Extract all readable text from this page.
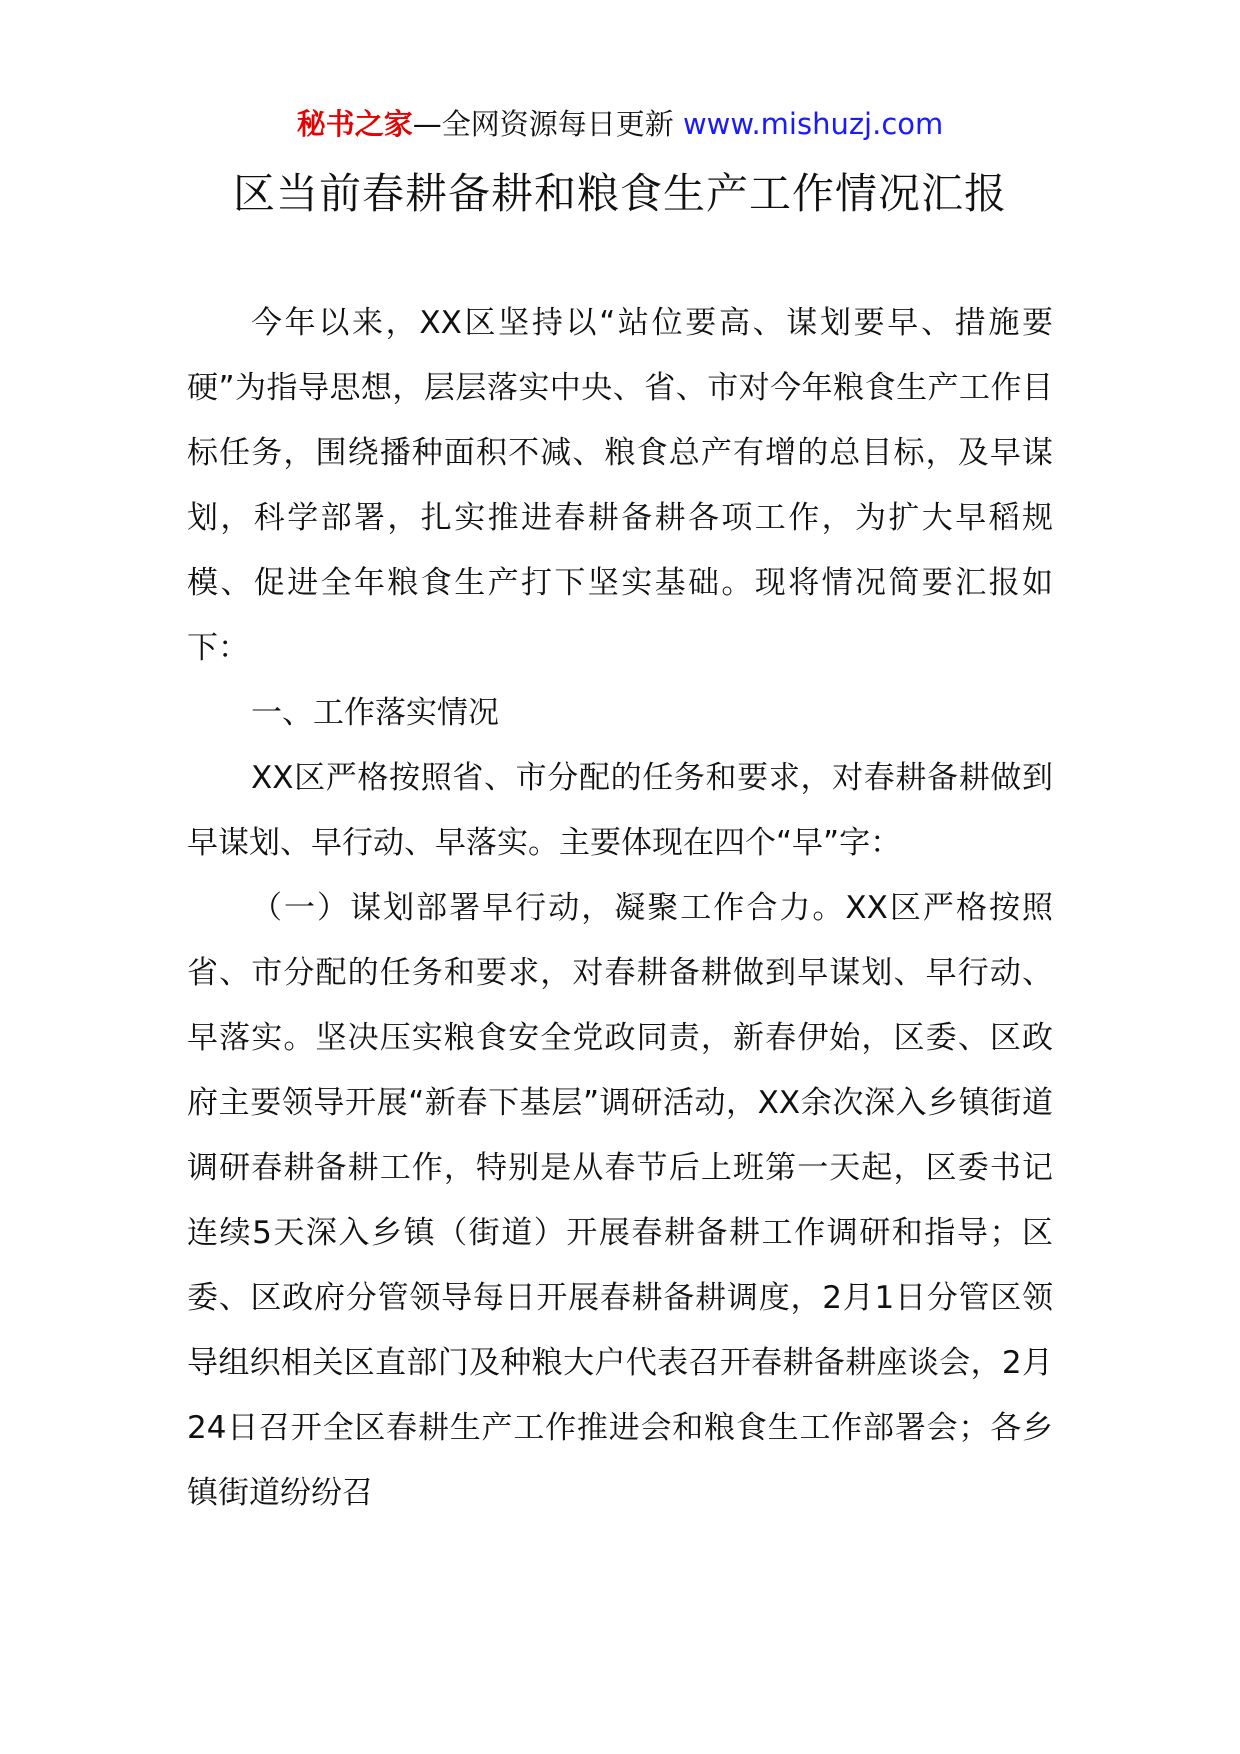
秘书之家—全网资源每日更新 www.mishuzj.com
区当前春耕备耕和粮食生产工作情况汇报

今年以来，XX区坚持以“站位要高、谋划要早、措施要硬”为指导思想，层层落实中央、省、市对今年粮食生产工作目标任务，围绕播种面积不减、粮食总产有增的总目标，及早谋划，科学部署，扎实推进春耕备耕各项工作，为扩大早稻规模、促进全年粮食生产打下坚实基础。现将情况简要汇报如下：

一、工作落实情况

XX区严格按照省、市分配的任务和要求，对春耕备耕做到早谋划、早行动、早落实。主要体现在四个“早”字：

（一）谋划部署早行动，凝聚工作合力。XX区严格按照省、市分配的任务和要求，对春耕备耕做到早谋划、早行动、早落实。坚决压实粮食安全党政同责，新春伊始，区委、区政府主要领导开展“新春下基层”调研活动，XX余次深入乡镇街道调研春耕备耕工作，特别是从春节后上班第一天起，区委书记连续5天深入乡镇（街道）开展春耕备耕工作调研和指导；区委、区政府分管领导每日开展春耕备耕调度，2月1日分管区领导组织相关区直部门及种粮大户代表召开春耕备耕座谈会，2月24日召开全区春耕生产工作推进会和粮食生工作部署会；各乡镇街道纷纷召
